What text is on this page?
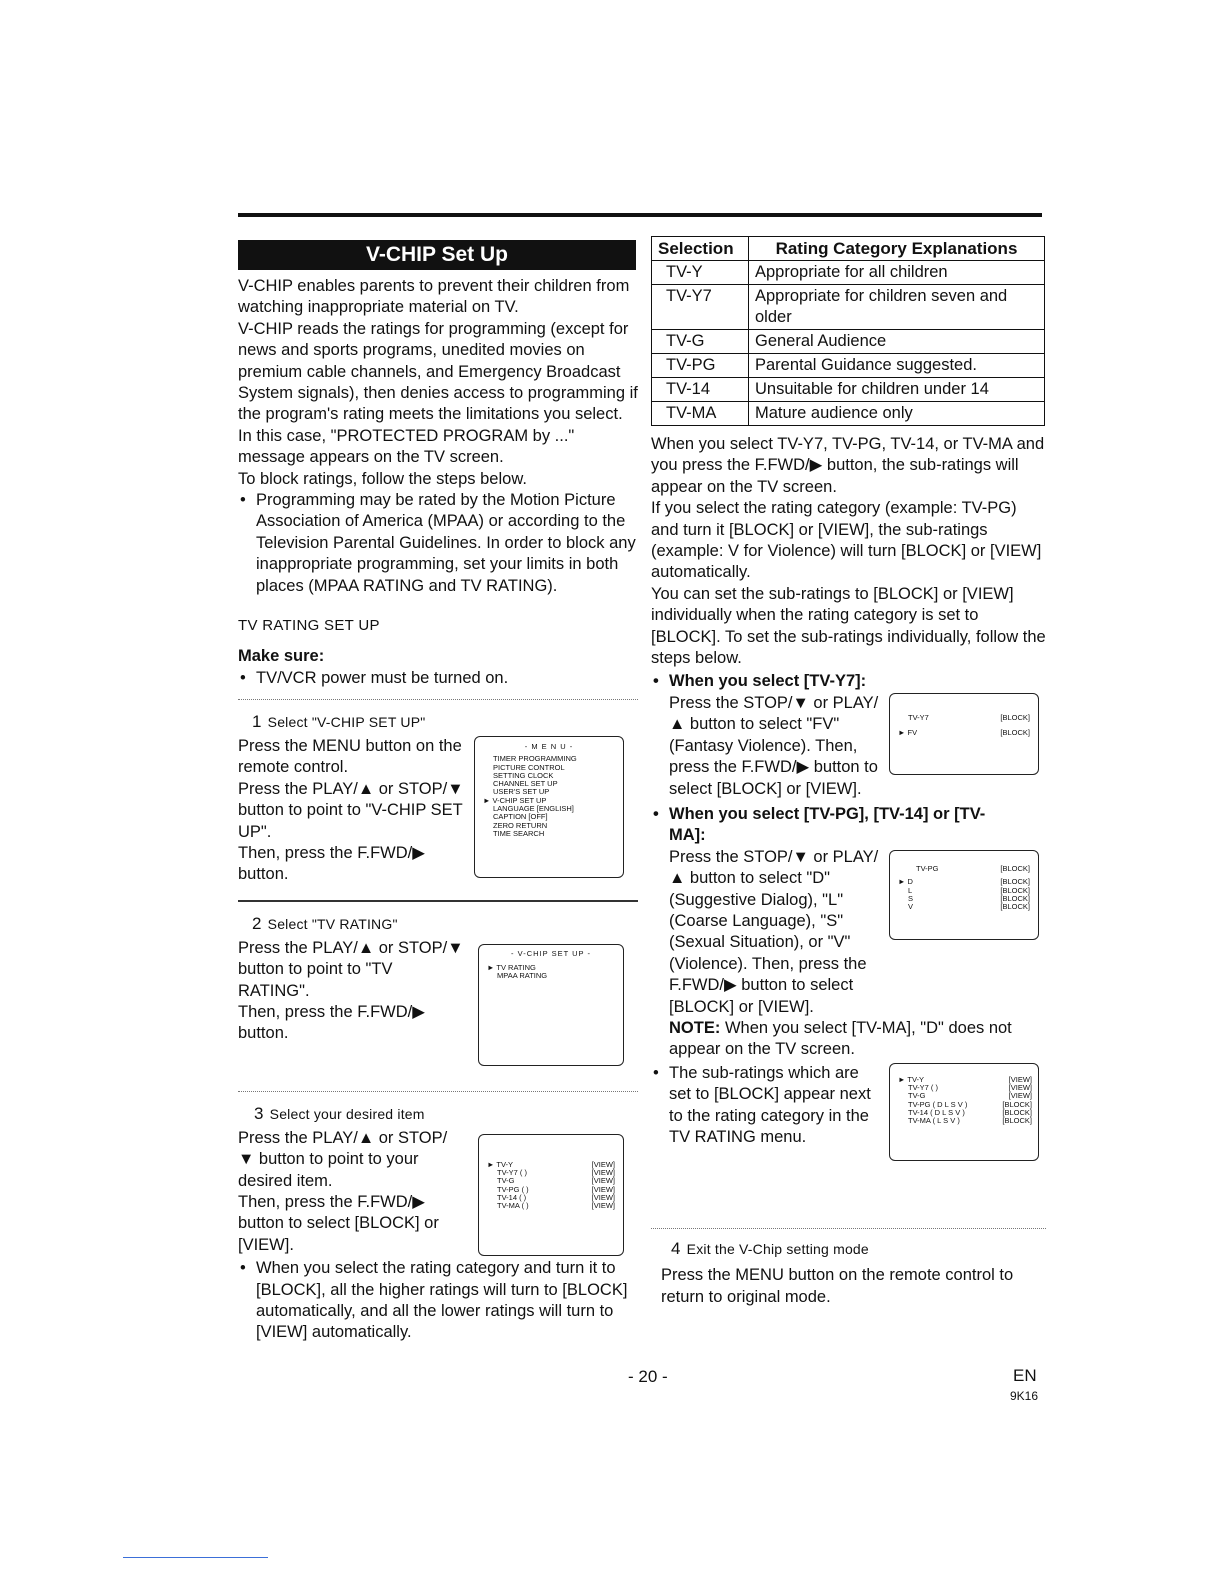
V-CHIP Set Up

V-CHIP enables parents to prevent their children from watching inappropriate material on TV.

V-CHIP reads the ratings for programming (except for news and sports programs, unedited movies on premium cable channels, and Emergency Broadcast System signals), then denies access to programming if the program's rating meets the limitations you select. In this case, "PROTECTED PROGRAM by ..." message appears on the TV screen.

To block ratings, follow the steps below.

• Programming may be rated by the Motion Picture Association of America (MPAA) or according to the Television Parental Guidelines. In order to block any inappropriate programming, set your limits in both places (MPAA RATING and TV RATING).

TV RATING SET UP

Make sure:

• TV/VCR power must be turned on.

1 Select "V-CHIP SET UP"

Press the MENU button on the remote control.

Press the PLAY/▲ or STOP/▼ button to point to "V-CHIP SET UP".

Then, press the F.FWD/▶ button.

- M E N U -
TIMER PROGRAMMING
PICTURE CONTROL
SETTING CLOCK
CHANNEL SET UP
USER'S SET UP
► V-CHIP SET UP
LANGUAGE [ENGLISH]
CAPTION [OFF]
ZERO RETURN
TIME SEARCH

2 Select "TV RATING"

Press the PLAY/▲ or STOP/▼ button to point to "TV RATING".

Then, press the F.FWD/▶ button.

- V-CHIP SET UP -
► TV RATING
MPAA RATING

3 Select your desired item

Press the PLAY/▲ or STOP/▼ button to point to your desired item.

Then, press the F.FWD/▶ button to select [BLOCK] or [VIEW].

► TV-Y	[VIEW]
TV-Y7 ( )	[VIEW]
TV-G	[VIEW]
TV-PG ( )	[VIEW]
TV-14 ( )	[VIEW]
TV-MA ( )	[VIEW]
• When you select the rating category and turn it to [BLOCK], all the higher ratings will turn to [BLOCK] automatically, and all the lower ratings will turn to [VIEW] automatically.
Selection	Rating Category Explanations
TV-Y	Appropriate for all children
TV-Y7	Appropriate for children seven and older
TV-G	General Audience
TV-PG	Parental Guidance suggested.
TV-14	Unsuitable for children under 14
TV-MA	Mature audience only

When you select TV-Y7, TV-PG, TV-14, or TV-MA and you press the F.FWD/▶ button, the sub-ratings will appear on the TV screen.

If you select the rating category (example: TV-PG) and turn it [BLOCK] or [VIEW], the sub-ratings (example: V for Violence) will turn [BLOCK] or [VIEW] automatically.

You can set the sub-ratings to [BLOCK] or [VIEW] individually when the rating category is set to [BLOCK]. To set the sub-ratings individually, follow the steps below.

• When you select [TV-Y7]:

Press the STOP/▼ or PLAY/▲ button to select "FV" (Fantasy Violence). Then, press the F.FWD/▶ button to select [BLOCK] or [VIEW].

TV-Y7	[BLOCK]
► FV	[BLOCK]
• When you select [TV-PG], [TV-14] or [TV-MA]:

Press the STOP/▼ or PLAY/▲ button to select "D"(Suggestive Dialog), "L"(Coarse Language), "S"(Sexual Situation), or "V"(Violence). Then, press the F.FWD/▶ button to select [BLOCK] or [VIEW].

NOTE: When you select [TV-MA], "D" does not appear on the TV screen.

TV-PG	[BLOCK]
► D	[BLOCK]
L	[BLOCK]
S	[BLOCK]
V	[BLOCK]
• The sub-ratings which are set to [BLOCK] appear next to the rating category in the TV RATING menu.
► TV-Y	[VIEW]
TV-Y7 ( )	[VIEW]
TV-G	[VIEW]
TV-PG ( D L S V )	[BLOCK]
TV-14 ( D L S V )	[BLOCK]
TV-MA ( L S V )	[BLOCK]

4 Exit the V-Chip setting mode

Press the MENU button on the remote control to return to original mode.

- 20 -	EN
9K16
